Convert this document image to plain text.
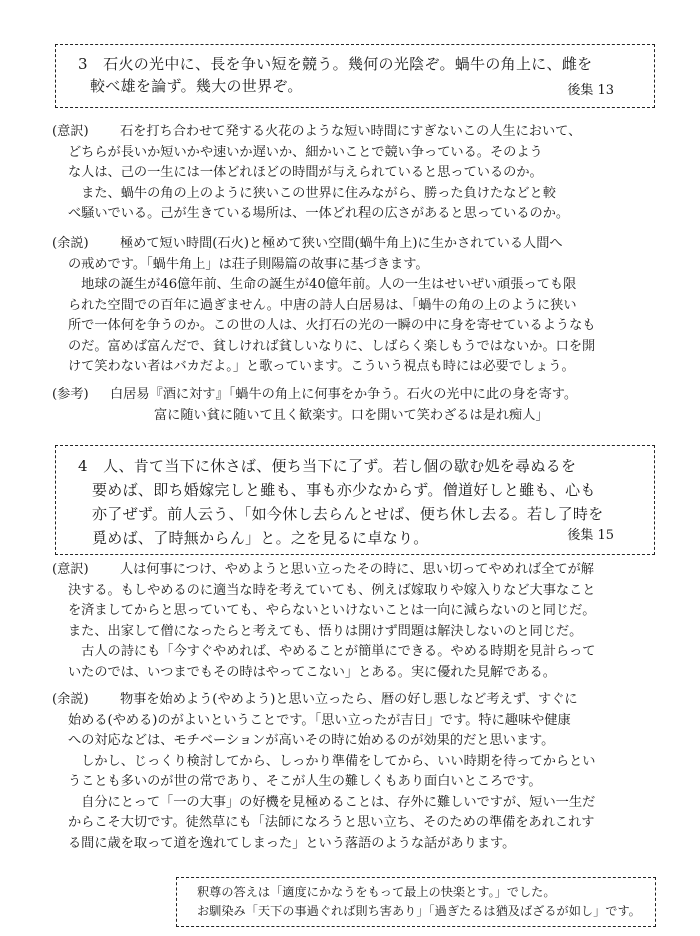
3　石火の光中に、長を争い短を競う。幾何の光陰ぞ。蝸牛の角上に、雌を
較べ雄を論ず。幾大の世界ぞ。	後集 13
(意訳)	石を打ち合わせて発する火花のような短い時間にすぎないこの人生において、

どちらが長いか短いかや速いか遅いか、細かいことで競い争っている。そのよう

な人は、己の一生には一体どれほどの時間が与えられていると思っているのか。

　また、蝸牛の角の上のように狭いこの世界に住みながら、勝った負けたなどと較

べ騒いでいる。己が生きている場所は、一体どれ程の広さがあると思っているのか。

(余説)	極めて短い時間(石火)と極めて狭い空間(蝸牛角上)に生かされている人間へ

の戒めです。「蝸牛角上」は荘子則陽篇の故事に基づきます。

　地球の誕生が46億年前、生命の誕生が40億年前。人の一生はせいぜい頑張っても限

られた空間での百年に過ぎません。中唐の詩人白居易は、「蝸牛の角の上のように狭い

所で一体何を争うのか。この世の人は、火打石の光の一瞬の中に身を寄せているようなも

のだ。富めば富んだで、貧しければ貧しいなりに、しばらく楽しもうではないか。口を開

けて笑わない者はバカだよ。」と歌っています。こういう視点も時には必要でしょう。

(参考)	白居易『酒に対す』「蝸牛の角上に何事をか争う。石火の光中に此の身を寄す。

富に随い貧に随いて且く歓楽す。口を開いて笑わざるは是れ痴人」

4　人、肯て当下に休さば、便ち当下に了ず。若し個の歇む処を尋ぬるを
要めば、即ち婚嫁完しと雖も、事も亦少なからず。僧道好しと雖も、心も
亦了ぜず。前人云う、「如今休し去らんとせば、便ち休し去る。若し了時を
覓めば、了時無からん」と。之を見るに卓なり。	後集 15
(意訳)	人は何事につけ、やめようと思い立ったその時に、思い切ってやめれば全てが解

決する。もしやめるのに適当な時を考えていても、例えば嫁取りや嫁入りなど大事なこと

を済ましてからと思っていても、やらないといけないことは一向に減らないのと同じだ。

また、出家して僧になったらと考えても、悟りは開けず問題は解決しないのと同じだ。

　古人の詩にも「今すぐやめれば、やめることが簡単にできる。やめる時期を見計らって

いたのでは、いつまでもその時はやってこない」とある。実に優れた見解である。

(余説)	物事を始めよう(やめよう)と思い立ったら、暦の好し悪しなど考えず、すぐに

始める(やめる)のがよいということです。「思い立ったが吉日」です。特に趣味や健康

への対応などは、モチベーションが高いその時に始めるのが効果的だと思います。

　しかし、じっくり検討してから、しっかり準備をしてから、いい時期を待ってからとい

うことも多いのが世の常であり、そこが人生の難しくもあり面白いところです。

　自分にとって「一の大事」の好機を見極めることは、存外に難しいですが、短い一生だ

からこそ大切です。徒然草にも「法師になろうと思い立ち、そのための準備をあれこれす

る間に歳を取って道を逸れてしまった」という落語のような話があります。

釈尊の答えは「適度にかなうをもって最上の快楽とす。」でした。
お馴染み「天下の事過ぐれば則ち害あり」「過ぎたるは猶及ばざるが如し」です。
